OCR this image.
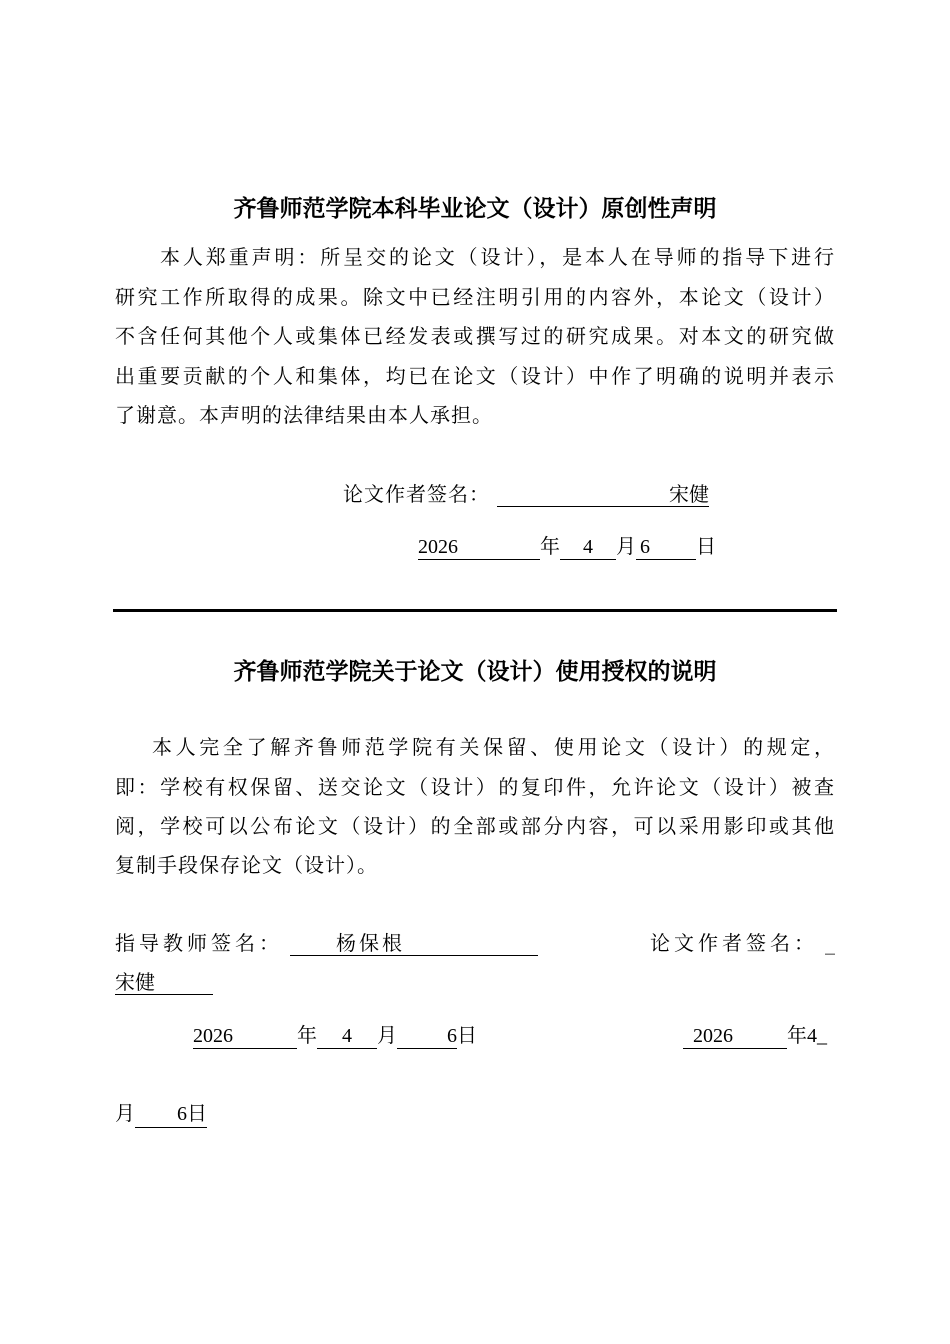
齐鲁师范学院本科毕业论文（设计）原创性声明
本人郑重声明：所呈交的论文（设计），是本人在导师的指导下进行
研究工作所取得的成果。除文中已经注明引用的内容外，本论文（设计）
不含任何其他个人或集体已经发表或撰写过的研究成果。对本文的研究做
出重要贡献的个人和集体，均已在论文（设计）中作了明确的说明并表示
了谢意。本声明的法律结果由本人承担。
论文作者签名：	宋健
2026	年 4 月 6 日
齐鲁师范学院关于论文（设计）使用授权的说明
本人完全了解齐鲁师范学院有关保留、使用论文（设计）的规定，
即：学校有权保留、送交论文（设计）的复印件，允许论文（设计）被查
阅，学校可以公布论文（设计）的全部或部分内容，可以采用影印或其他
复制手段保存论文（设计）。
指导教师签名：	杨保根	论文作者签名： _
宋健
2026	年 4 月	6日	2026	年4_
月 6日
